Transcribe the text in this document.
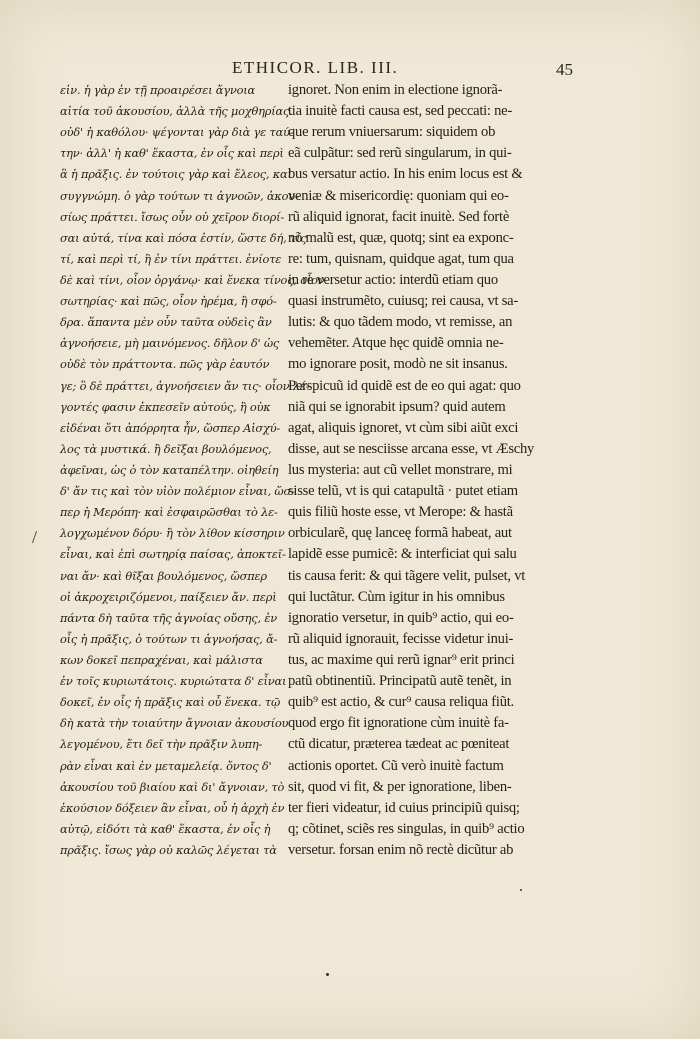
ETHICOR. LIB. III.	45
εἰν. ἡ γὰρ ἐν τῇ προαιρέσει ἄγνοια
αἰτία τοῦ ἀκουσίου, ἀλλὰ τῆς μοχθηρίας.
οὐδ' ἡ καθόλου· ψέγονται γὰρ διὰ γε ταύ-
την· ἀλλ' ἡ καθ' ἕκαστα, ἐν οἷς καὶ περὶ
ἃ ἡ πρᾶξις. ἐν τούτοις γὰρ καὶ ἔλεος, καὶ
συγγνώμη. ὁ γὰρ τούτων τι ἀγνοῶν, ἀκου-
σίως πράττει. ἴσως οὖν οὐ χεῖρον διορί-
σαι αὐτά, τίνα καὶ πόσα ἐστίν, ὥστε δή, τίς
τί, καὶ περὶ τί, ἢ ἐν τίνι πράττει. ἐνίοτε
δὲ καὶ τίνι, οἷον ὀργάνῳ· καὶ ἕνεκα τίνος, οἷον
σωτηρίας· καὶ πῶς, οἷον ἠρέμα, ἢ σφό-
δρα. ἅπαντα μὲν οὖν ταῦτα οὐδεὶς ἂν
ἀγνοήσειε, μὴ μαινόμενος. δῆλον δ' ὡς
οὐδὲ τὸν πράττοντα. πῶς γὰρ ἑαυτόν
γε; ὃ δὲ πράττει, ἀγνοήσειεν ἄν τις· οἷον λέ-
γοντές φασιν ἐκπεσεῖν αὐτούς, ἢ οὐκ
εἰδέναι ὅτι ἀπόρρητα ἦν, ὥσπερ Αἰσχύ-
λος τὰ μυστικά. ἢ δεῖξαι βουλόμενος,
ἀφεῖναι, ὡς ὁ τὸν καταπέλτην. οἰηθείη
δ' ἄν τις καὶ τὸν υἱὸν πολέμιον εἶναι, ὥσ-
περ ἡ Μερόπη· καὶ ἐσφαιρῶσθαι τὸ λε-
λογχωμένον δόρυ· ἢ τὸν λίθον κίσσηριν
εἶναι, καὶ ἐπὶ σωτηρίᾳ παίσας, ἀποκτεῖ-
ναι ἄν· καὶ θῖξαι βουλόμενος, ὥσπερ
οἱ ἀκροχειριζόμενοι, παίξειεν ἄν. περὶ
πάντα δὴ ταῦτα τῆς ἀγνοίας οὔσης, ἐν
οἷς ἡ πρᾶξις, ὁ τούτων τι ἀγνοήσας, ἄ-
κων δοκεῖ πεπραχέναι, καὶ μάλιστα
ἐν τοῖς κυριωτάτοις. κυριώτατα δ' εἶναι
δοκεῖ, ἐν οἷς ἡ πρᾶξις καὶ οὗ ἕνεκα. τῷ
δὴ κατὰ τὴν τοιαύτην ἄγνοιαν ἀκουσίου
λεγομένου, ἔτι δεῖ τὴν πρᾶξιν λυπη-
ρὰν εἶναι καὶ ἐν μεταμελείᾳ. ὄντος δ'
ἀκουσίου τοῦ βιαίου καὶ δι' ἄγνοιαν, τὸ
ἑκούσιον δόξειεν ἂν εἶναι, οὗ ἡ ἀρχὴ ἐν
αὐτῷ, εἰδότι τὰ καθ' ἕκαστα, ἐν οἷς ἡ
πρᾶξις. ἴσως γὰρ οὐ καλῶς λέγεται τὰ
ignoret. Non enim in electione ignorã-
tia inuitè facti causa est, sed peccati: ne-
que rerum vniuersarum: siquidem ob
eã culpãtur: sed rerũ singularum, in qui-
bus versatur actio. In his enim locus est &
veniæ & misericordię: quoniam qui eo-
rũ aliquid ignorat, facit inuitè. Sed fortè
nõ malũ est, quæ, quotq; sint ea exponc-
re: tum, quisnam, quidque agat, tum qua
in re versetur actio: interdũ etiam quo
quasi instrumẽto, cuiusq; rei causa, vt sa-
lutis: & quo tãdem modo, vt remisse, an
vehemẽter. Atque hęc quidẽ omnia ne-
mo ignorare posit, modò ne sit insanus.
Perspicuũ id quidẽ est de eo qui agat: quo
niã qui se ignorabit ipsum? quid autem
agat, aliquis ignoret, vt cùm sibi aiũt exci
disse, aut se nesciisse arcana esse, vt Æschy
lus mysteria: aut cũ vellet monstrare, mi
sisse telũ, vt is qui catapultã · putet etiam
quis filiũ hoste esse, vt Merope: & hastã
orbicularẽ, quę lanceę formã habeat, aut
lapidẽ esse pumicẽ: & interficiat qui salu
tis causa ferit: & qui tãgere velit, pulset, vt
qui luctãtur. Cùm igitur in his omnibus
ignoratio versetur, in quib⁹ actio, qui eo-
rũ aliquid ignorauit, fecisse videtur inui-
tus, ac maxime qui rerũ ignar⁹ erit princi
patũ obtinentiũ. Principatũ autẽ tenẽt, in
quib⁹ est actio, & cur⁹ causa reliqua fiũt.
quod ergo fit ignoratione cùm inuitè fa-
ctũ dicatur, præterea tædeat ac pœniteat
actionis oportet. Cũ verò inuitè factum
sit, quod vi fit, & per ignoratione, liben-
ter fieri videatur, id cuius principiũ quisq;
q; cõtinet, sciẽs res singulas, in quib⁹ actio
versetur. forsan enim nõ rectè dicũtur ab
/
